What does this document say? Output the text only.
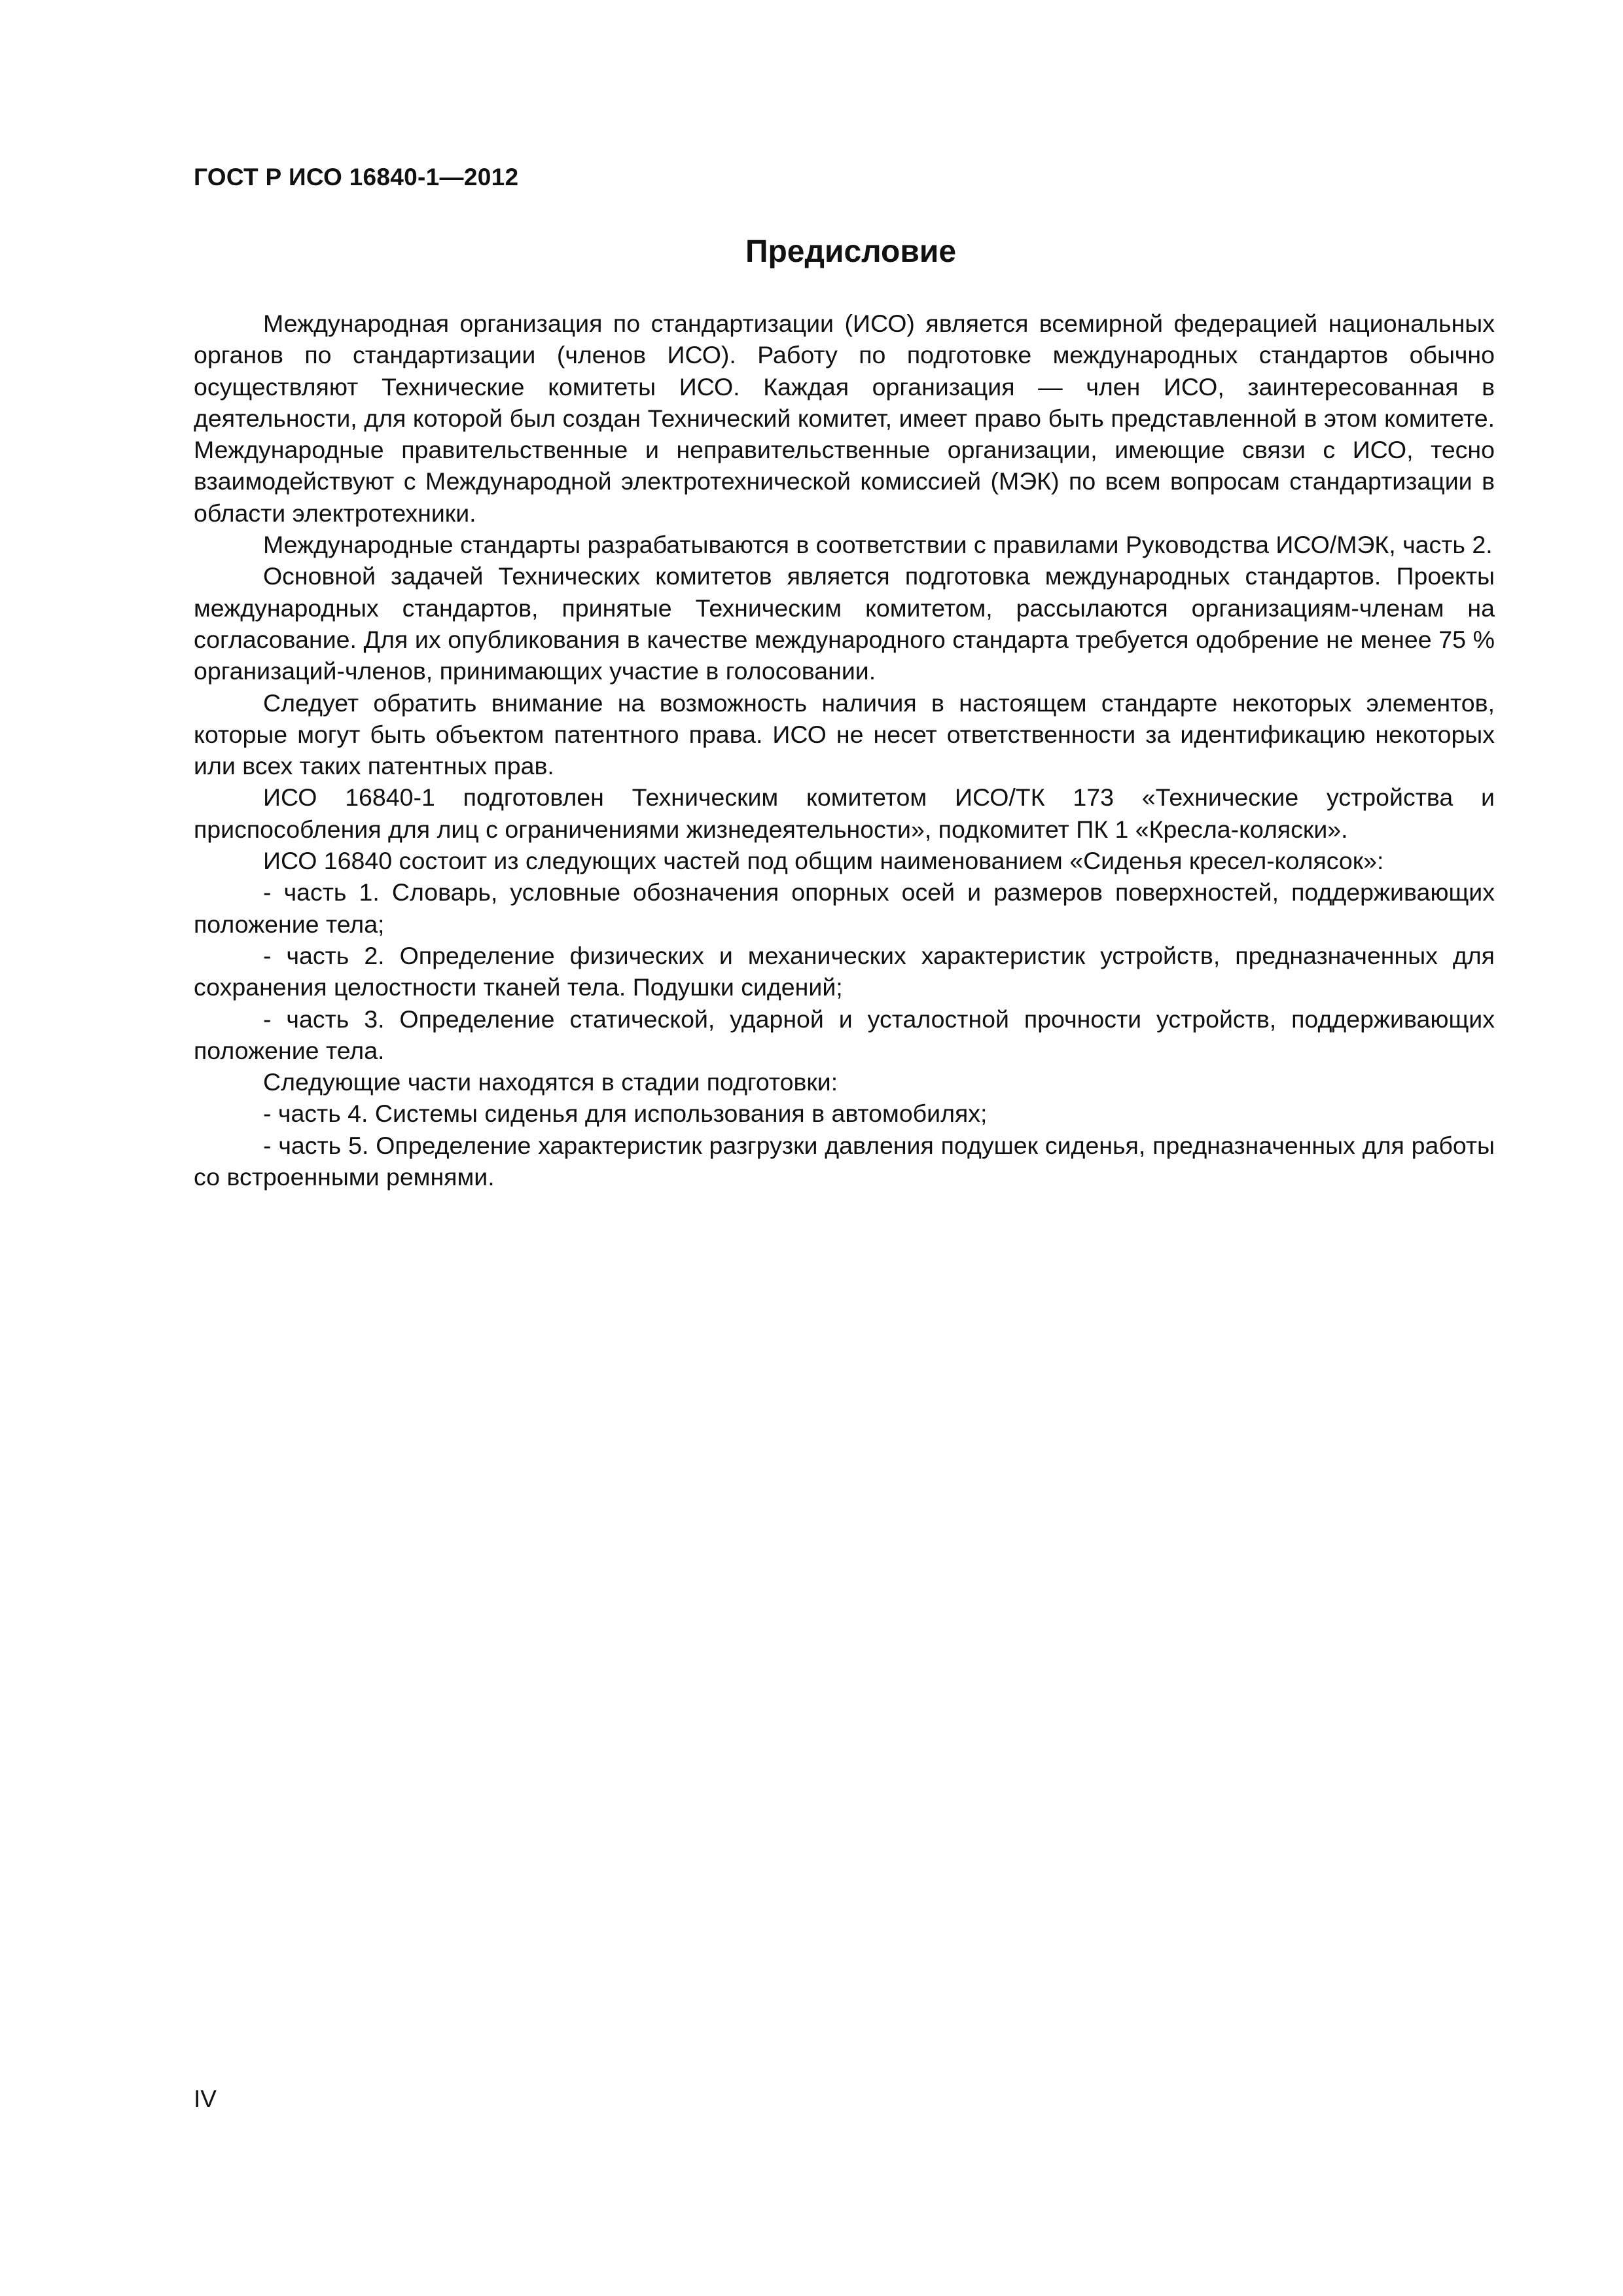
ГОСТ Р ИСО 16840-1—2012
Предисловие

Международная организация по стандартизации (ИСО) является всемирной федерацией национальных органов по стандартизации (членов ИСО). Работу по подготовке международных стандартов обычно осуществляют Технические комитеты ИСО. Каждая организация — член ИСО, заинтересованная в деятельности, для которой был создан Технический комитет, имеет право быть представленной в этом комитете. Международные правительственные и неправительственные организации, имеющие связи с ИСО, тесно взаимодействуют с Международной электротехнической комиссией (МЭК) по всем вопросам стандартизации в области электротехники.

Международные стандарты разрабатываются в соответствии с правилами Руководства ИСО/МЭК, часть 2.

Основной задачей Технических комитетов является подготовка международных стандартов. Проекты международных стандартов, принятые Техническим комитетом, рассылаются организациям-членам на согласование. Для их опубликования в качестве международного стандарта требуется одобрение не менее 75 % организаций-членов, принимающих участие в голосовании.

Следует обратить внимание на возможность наличия в настоящем стандарте некоторых элементов, которые могут быть объектом патентного права. ИСО не несет ответственности за идентификацию некоторых или всех таких патентных прав.

ИСО 16840-1 подготовлен Техническим комитетом ИСО/ТК 173 «Технические устройства и приспособления для лиц с ограничениями жизнедеятельности», подкомитет ПК 1 «Кресла-коляски».

ИСО 16840 состоит из следующих частей под общим наименованием «Сиденья кресел-колясок»:

- часть 1. Словарь, условные обозначения опорных осей и размеров поверхностей, поддерживающих положение тела;

- часть 2. Определение физических и механических характеристик устройств, предназначенных для сохранения целостности тканей тела. Подушки сидений;

- часть 3. Определение статической, ударной и усталостной прочности устройств, поддерживающих положение тела.

Следующие части находятся в стадии подготовки:

- часть 4. Системы сиденья для использования в автомобилях;

- часть 5. Определение характеристик разгрузки давления подушек сиденья, предназначенных для работы со встроенными ремнями.

IV
